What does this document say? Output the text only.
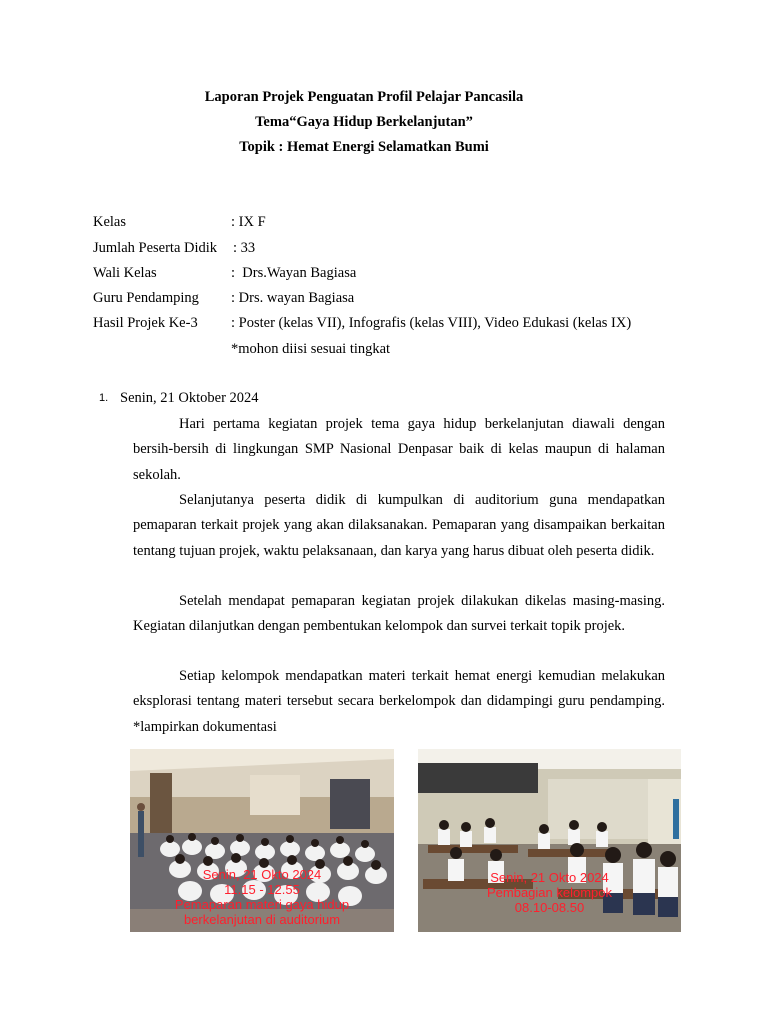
Laporan Projek Penguatan Profil Pelajar Pancasila
Tema“Gaya Hidup Berkelanjutan”
Topik : Hemat Energi Selamatkan Bumi
Kelas	: IX F
Jumlah Peserta Didik : 33
Wali Kelas	:  Drs.Wayan Bagiasa
Guru Pendamping : Drs. wayan Bagiasa
Hasil Projek Ke-3 : Poster (kelas VII), Infografis (kelas VIII), Video Edukasi (kelas IX)
*mohon diisi sesuai tingkat
1. Senin, 21 Oktober 2024

Hari pertama kegiatan projek tema gaya hidup berkelanjutan diawali dengan bersih-bersih di lingkungan SMP Nasional Denpasar baik di kelas maupun di halaman sekolah.

Selanjutanya peserta didik di kumpulkan di auditorium guna mendapatkan pemaparan terkait projek yang akan dilaksanakan. Pemaparan yang disampaikan berkaitan tentang tujuan projek, waktu pelaksanaan, dan karya yang harus dibuat oleh peserta didik.

Setelah mendapat pemaparan kegiatan projek dilakukan dikelas masing-masing. Kegiatan dilanjutkan dengan pembentukan kelompok dan survei terkait topik projek.

Setiap kelompok mendapatkan materi terkait hemat energi kemudian melakukan eksplorasi tentang materi tersebut secara berkelompok dan didampingi guru pendamping. *lampirkan dokumentasi

Senin, 21 Okto 2024
11.15 - 12.55
Pemaparan materi gaya hidup
berkelanjutan di auditorium
Senin, 21 Okto 2024
Pembagian kelompok
08.10-08.50
